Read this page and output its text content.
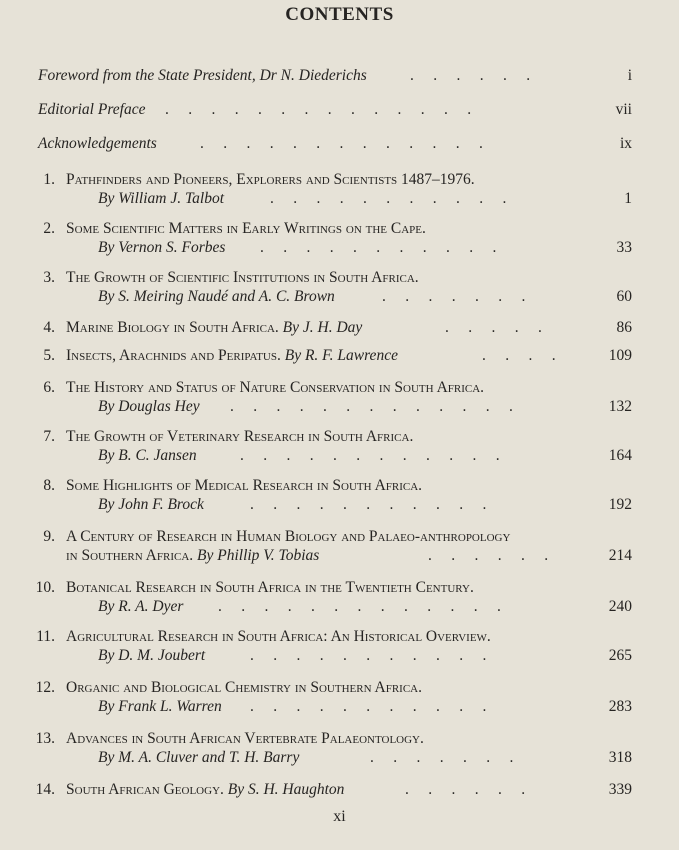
CONTENTS
Foreword from the State President, Dr N. Diederichs	.     .     .     .     .     .	i
Editorial Preface .     .     .     .     .     .     .     .     .     .     .     .     .     .	vii
Acknowledgements	.     .     .     .     .     .     .     .     .     .     .     .     .	ix
1. Pathfinders and Pioneers, Explorers and Scientists 1487–1976.
By William J. Talbot	.     .     .     .     .     .     .     .     .     .     .	1
2. Some Scientific Matters in Early Writings on the Cape.
By Vernon S. Forbes .     .     .     .     .     .     .     .     .     .     .	33
3. The Growth of Scientific Institutions in South Africa.
By S. Meiring Naudé and A. C. Brown	.     .     .     .     .     .     .	60
4. Marine Biology in South Africa. By J. H. Day	.     .     .     .     .	86
5. Insects, Arachnids and Peripatus. By R. F. Lawrence	.     .     .     .	109
6. The History and Status of Nature Conservation in South Africa.
By Douglas Hey .     .     .     .     .     .     .     .     .     .     .     .     .	132
7. The Growth of Veterinary Research in South Africa.
By B. C. Jansen	.     .     .     .     .     .     .     .     .     .     .     .	164
8. Some Highlights of Medical Research in South Africa.
By John F. Brock	.     .     .     .     .     .     .     .     .     .     .	192
9. A Century of Research in Human Biology and Palaeo-anthropology
in Southern Africa. By Phillip V. Tobias	.     .     .     .     .     .	214
10. Botanical Research in South Africa in the Twentieth Century.
By R. A. Dyer .     .     .     .     .     .     .     .     .     .     .     .     .	240
11. Agricultural Research in South Africa: An Historical Overview.
By D. M. Joubert	.     .     .     .     .     .     .     .     .     .     .	265
12. Organic and Biological Chemistry in Southern Africa.
By Frank L. Warren .     .     .     .     .     .     .     .     .     .     .	283
13. Advances in South African Vertebrate Palaeontology.
By M. A. Cluver and T. H. Barry	.     .     .     .     .     .     .	318
14. South African Geology. By S. H. Haughton	.     .     .     .     .     .	339
xi
